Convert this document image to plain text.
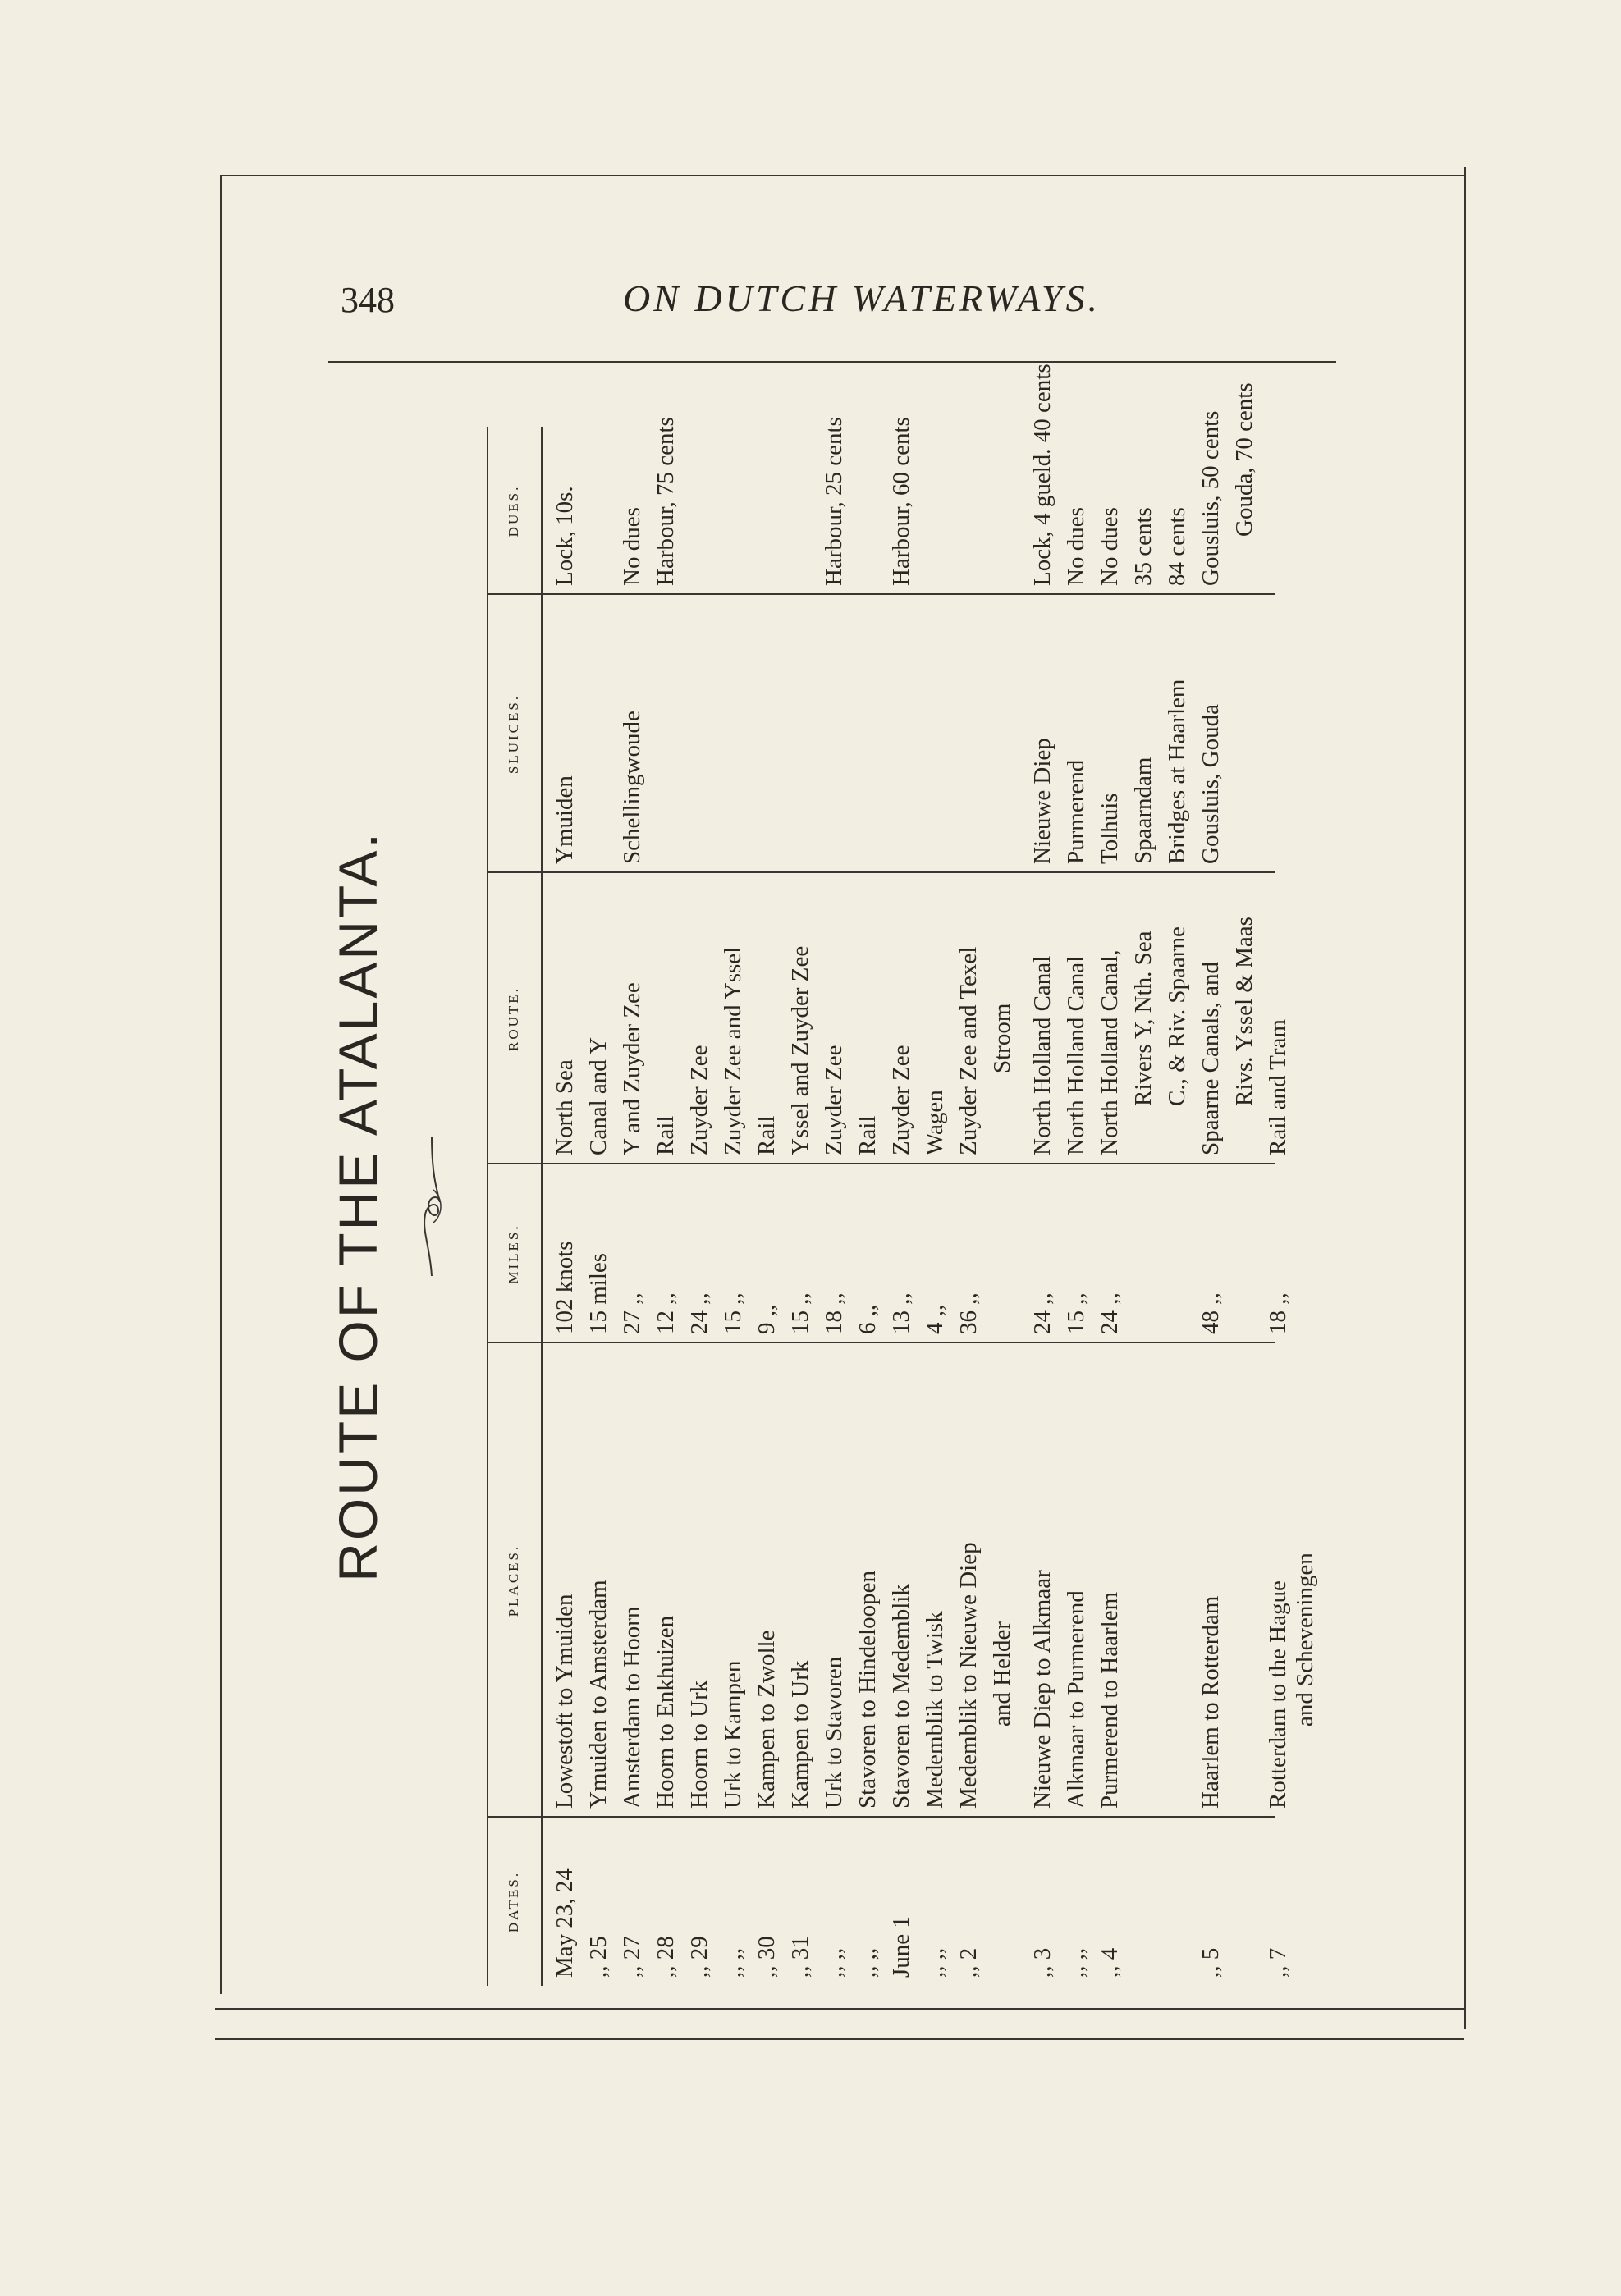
348	ON DUTCH WATERWAYS.
ROUTE OF THE ATALANTA.
DATES.
PLACES.
MILES.
ROUTE.
SLUICES.
DUES.
May 23, 24
Lowestoft to Ymuiden
102 knots
North Sea
Ymuiden
Lock, 10s.
,, 25
Ymuiden to Amsterdam
15 miles
Canal and Y
,, 27
Amsterdam to Hoorn
27 ,,
Y and Zuyder Zee
Schellingwoude
No dues
,, 28
Hoorn to Enkhuizen
12 ,,
Rail
Harbour, 75 cents
,, 29
Hoorn to Urk
24 ,,
Zuyder Zee
,, ,,
Urk to Kampen
15 ,,
Zuyder Zee and Yssel
,, 30
Kampen to Zwolle
9 ,,
Rail
,, 31
Kampen to Urk
15 ,,
Yssel and Zuyder Zee
,, ,,
Urk to Stavoren
18 ,,
Zuyder Zee
Harbour, 25 cents
,, ,,
Stavoren to Hindeloopen
6 ,,
Rail
June 1
Stavoren to Medemblik
13 ,,
Zuyder Zee
Harbour, 60 cents
,, ,,
Medemblik to Twisk
4 ,,
Wagen
,, 2
Medemblik to Nieuwe Diep
36 ,,
Zuyder Zee and Texel
and Helder
Stroom
,, 3
Nieuwe Diep to Alkmaar
24 ,,
North Holland Canal
Nieuwe Diep
Lock, 4 gueld. 40 cents
,, ,,
Alkmaar to Purmerend
15 ,,
North Holland Canal
Purmerend
No dues
,, 4
Purmerend to Haarlem
24 ,,
North Holland Canal,
Tolhuis
No dues
Rivers Y, Nth. Sea
Spaarndam
35 cents
C., & Riv. Spaarne
Bridges at Haarlem
84 cents
,, 5
Haarlem to Rotterdam
48 ,,
Spaarne Canals, and
Gousluis, Gouda
Gousluis, 50 cents
Rivs. Yssel & Maas
Gouda, 70 cents
,, 7
Rotterdam to the Hague
18 ,,
Rail and Tram
and Scheveningen
